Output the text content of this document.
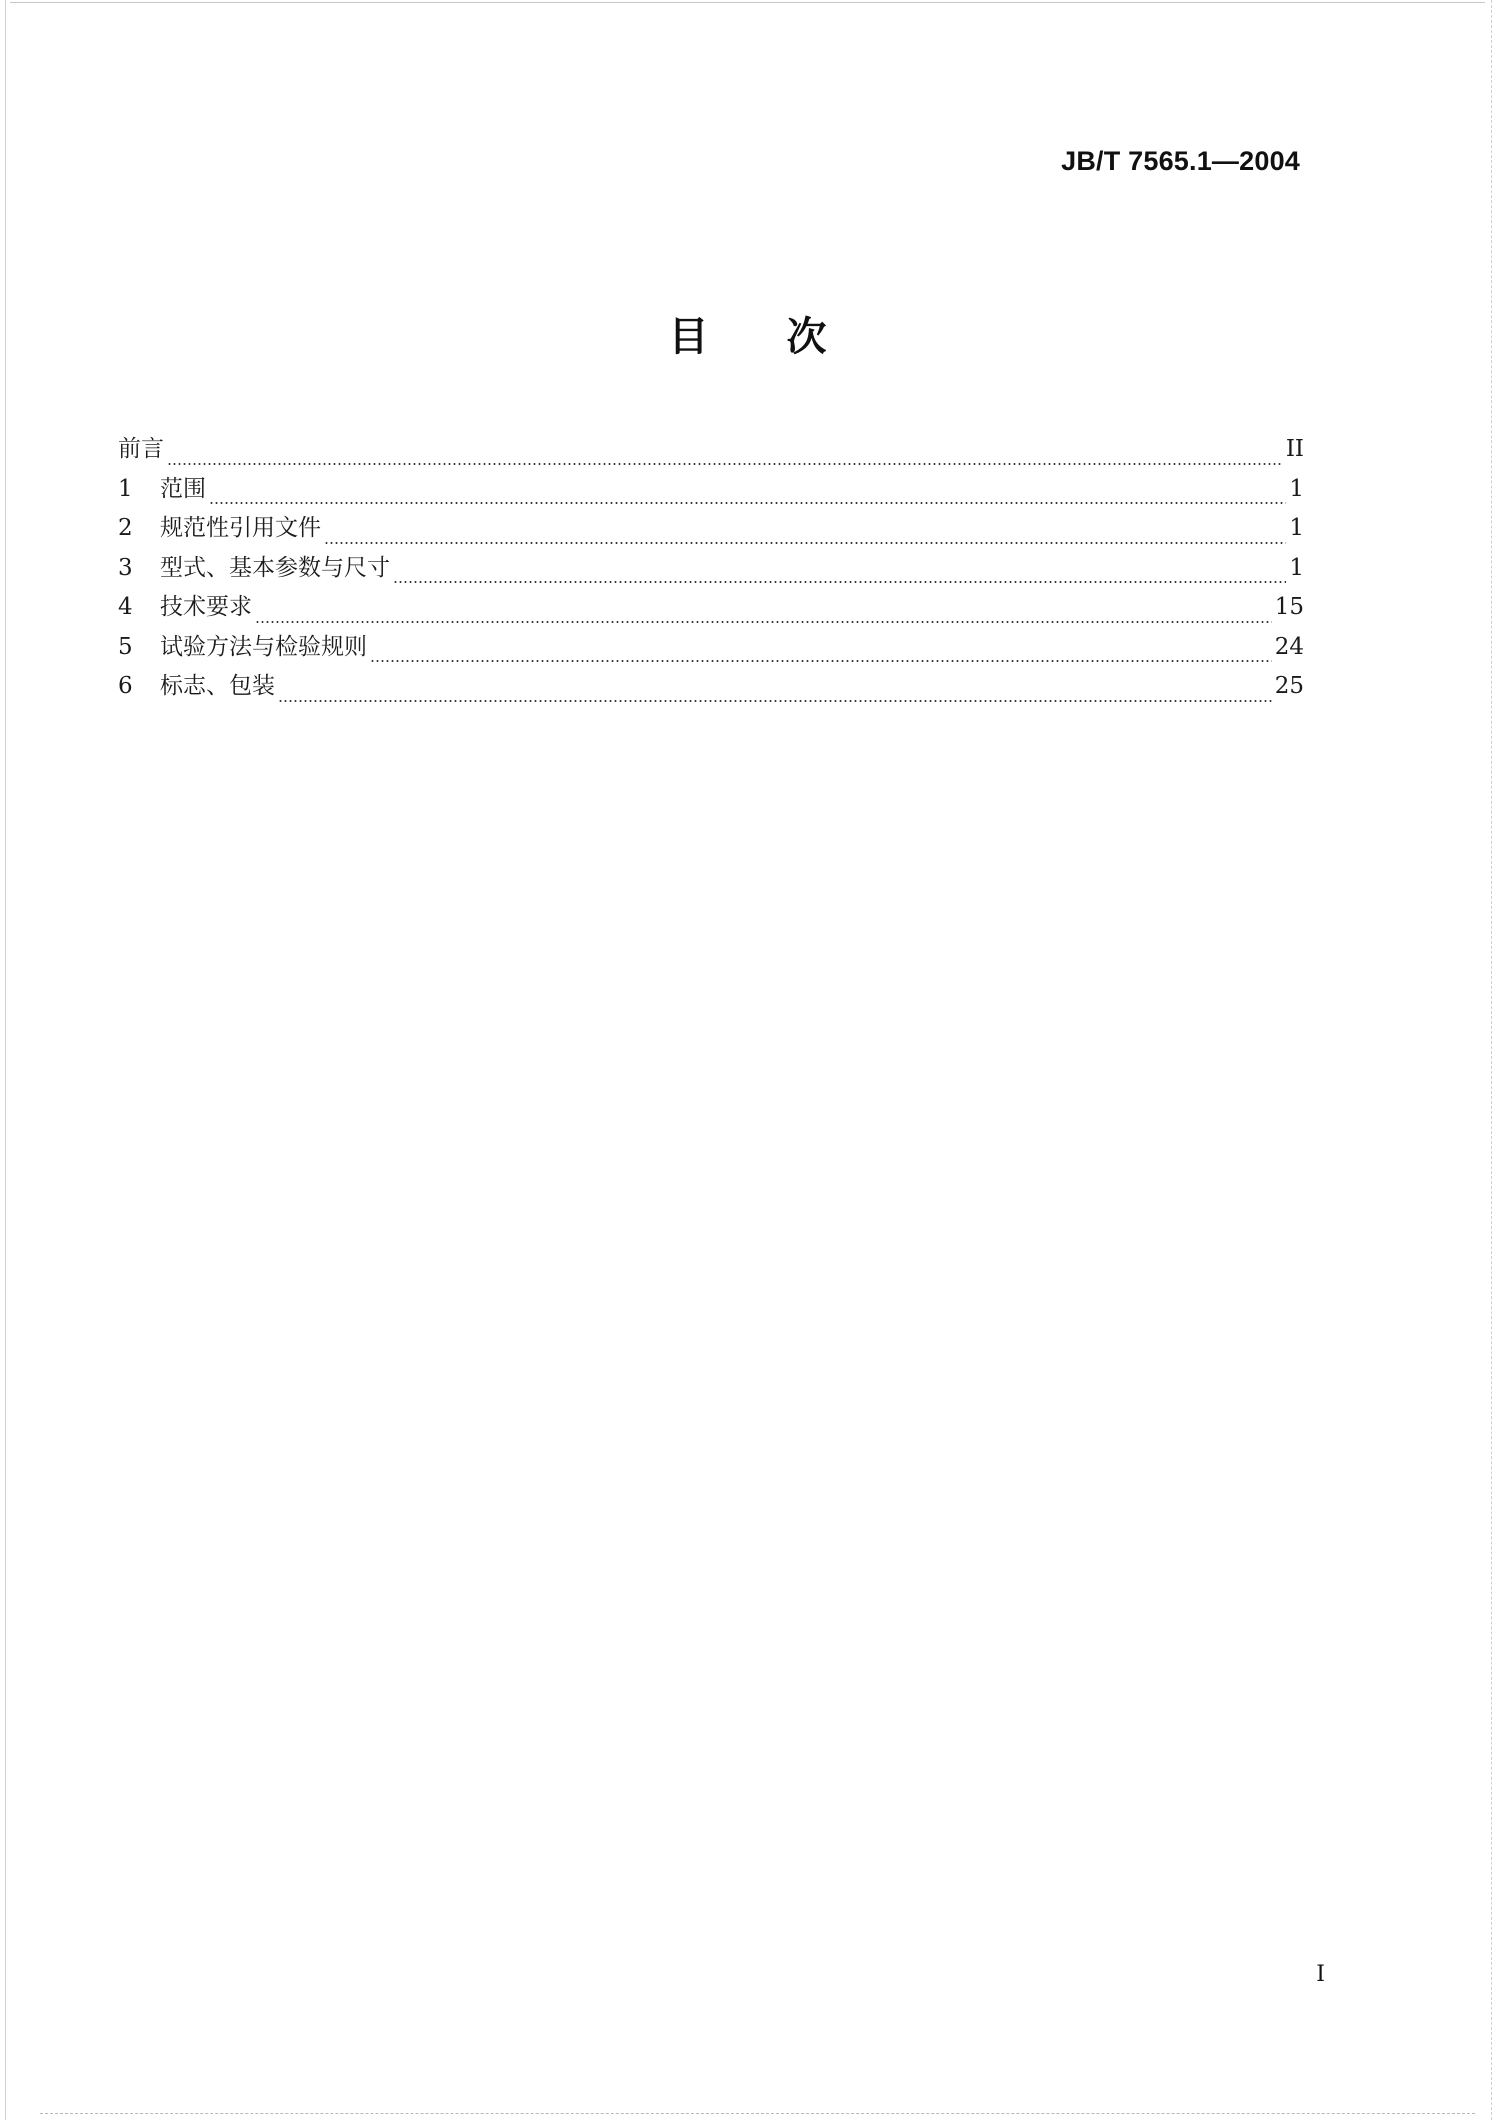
JB/T 7565.1—2004
目次
前言	II
1	范围	1
2	规范性引用文件	1
3	型式、基本参数与尺寸	1
4	技术要求	15
5	试验方法与检验规则	24
6	标志、包装	25
I
